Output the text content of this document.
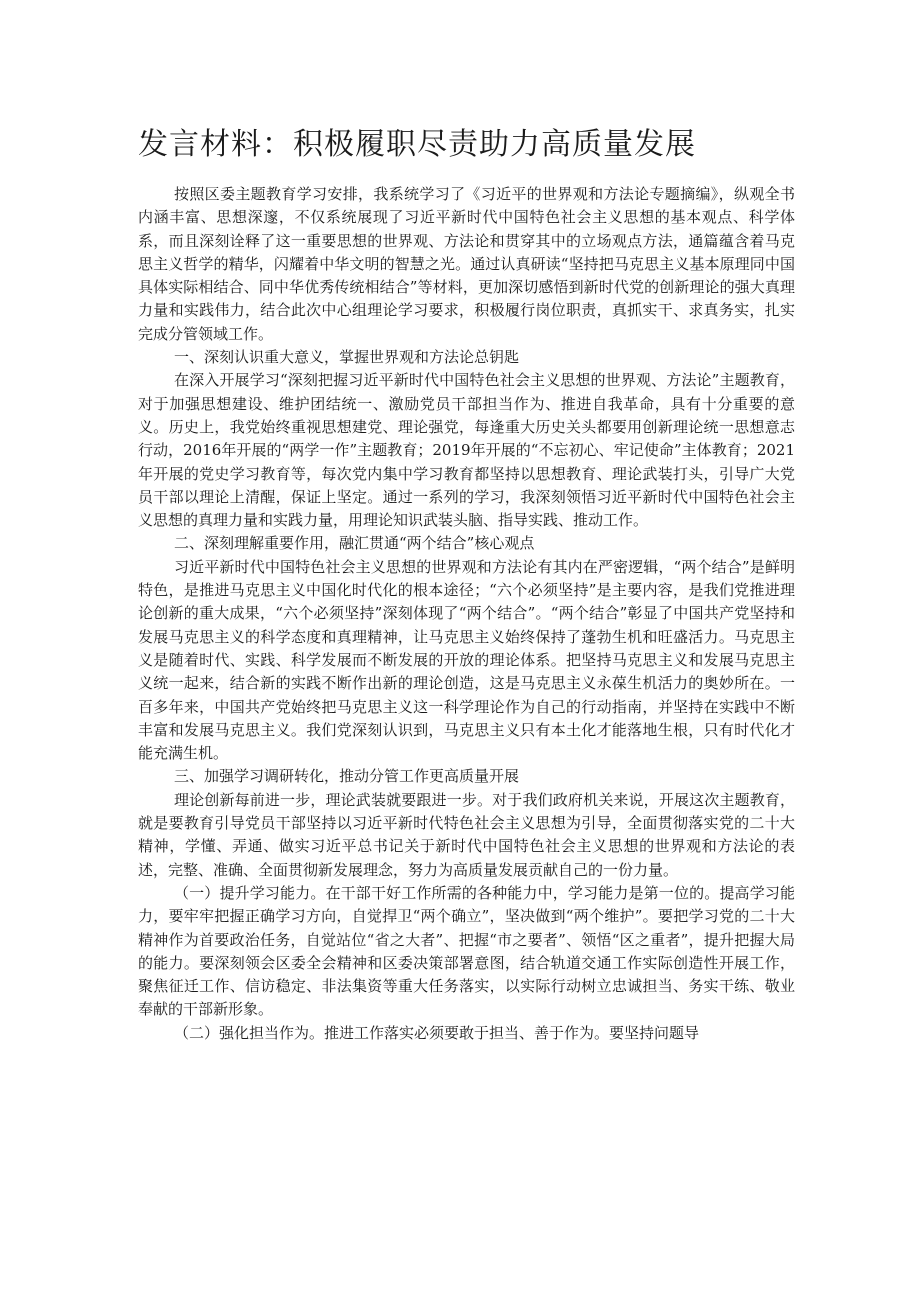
发言材料：积极履职尽责助力高质量发展

按照区委主题教育学习安排，我系统学习了《习近平的世界观和方法论专题摘编》，纵观全书内涵丰富、思想深邃，不仅系统展现了习近平新时代中国特色社会主义思想的基本观点、科学体系，而且深刻诠释了这一重要思想的世界观、方法论和贯穿其中的立场观点方法，通篇蕴含着马克思主义哲学的精华，闪耀着中华文明的智慧之光。通过认真研读“坚持把马克思主义基本原理同中国具体实际相结合、同中华优秀传统相结合”等材料，更加深切感悟到新时代党的创新理论的强大真理力量和实践伟力，结合此次中心组理论学习要求，积极履行岗位职责，真抓实干、求真务实，扎实完成分管领域工作。

一、深刻认识重大意义，掌握世界观和方法论总钥匙

在深入开展学习“深刻把握习近平新时代中国特色社会主义思想的世界观、方法论”主题教育，对于加强思想建设、维护团结统一、激励党员干部担当作为、推进自我革命，具有十分重要的意义。历史上，我党始终重视思想建党、理论强党，每逢重大历史关头都要用创新理论统一思想意志行动，2016年开展的“两学一作”主题教育；2019年开展的“不忘初心、牢记使命”主体教育；2021年开展的党史学习教育等，每次党内集中学习教育都坚持以思想教育、理论武装打头，引导广大党员干部以理论上清醒，保证上坚定。通过一系列的学习，我深刻领悟习近平新时代中国特色社会主义思想的真理力量和实践力量，用理论知识武装头脑、指导实践、推动工作。

二、深刻理解重要作用，融汇贯通“两个结合”核心观点

习近平新时代中国特色社会主义思想的世界观和方法论有其内在严密逻辑，“两个结合”是鲜明特色，是推进马克思主义中国化时代化的根本途径；“六个必须坚持”是主要内容，是我们党推进理论创新的重大成果，“六个必须坚持”深刻体现了“两个结合”。“两个结合”彰显了中国共产党坚持和发展马克思主义的科学态度和真理精神，让马克思主义始终保持了蓬勃生机和旺盛活力。马克思主义是随着时代、实践、科学发展而不断发展的开放的理论体系。把坚持马克思主义和发展马克思主义统一起来，结合新的实践不断作出新的理论创造，这是马克思主义永葆生机活力的奥妙所在。一百多年来，中国共产党始终把马克思主义这一科学理论作为自己的行动指南，并坚持在实践中不断丰富和发展马克思主义。我们党深刻认识到，马克思主义只有本土化才能落地生根，只有时代化才能充满生机。

三、加强学习调研转化，推动分管工作更高质量开展

理论创新每前进一步，理论武装就要跟进一步。对于我们政府机关来说，开展这次主题教育，就是要教育引导党员干部坚持以习近平新时代特色社会主义思想为引导，全面贯彻落实党的二十大精神，学懂、弄通、做实习近平总书记关于新时代中国特色社会主义思想的世界观和方法论的表述，完整、准确、全面贯彻新发展理念，努力为高质量发展贡献自己的一份力量。

（一）提升学习能力。在干部干好工作所需的各种能力中，学习能力是第一位的。提高学习能力，要牢牢把握正确学习方向，自觉捍卫“两个确立”，坚决做到“两个维护”。要把学习党的二十大精神作为首要政治任务，自觉站位“省之大者”、把握“市之要者”、领悟“区之重者”，提升把握大局的能力。要深刻领会区委全会精神和区委决策部署意图，结合轨道交通工作实际创造性开展工作，聚焦征迁工作、信访稳定、非法集资等重大任务落实，以实际行动树立忠诚担当、务实干练、敬业奉献的干部新形象。

（二）强化担当作为。推进工作落实必须要敢于担当、善于作为。要坚持问题导
